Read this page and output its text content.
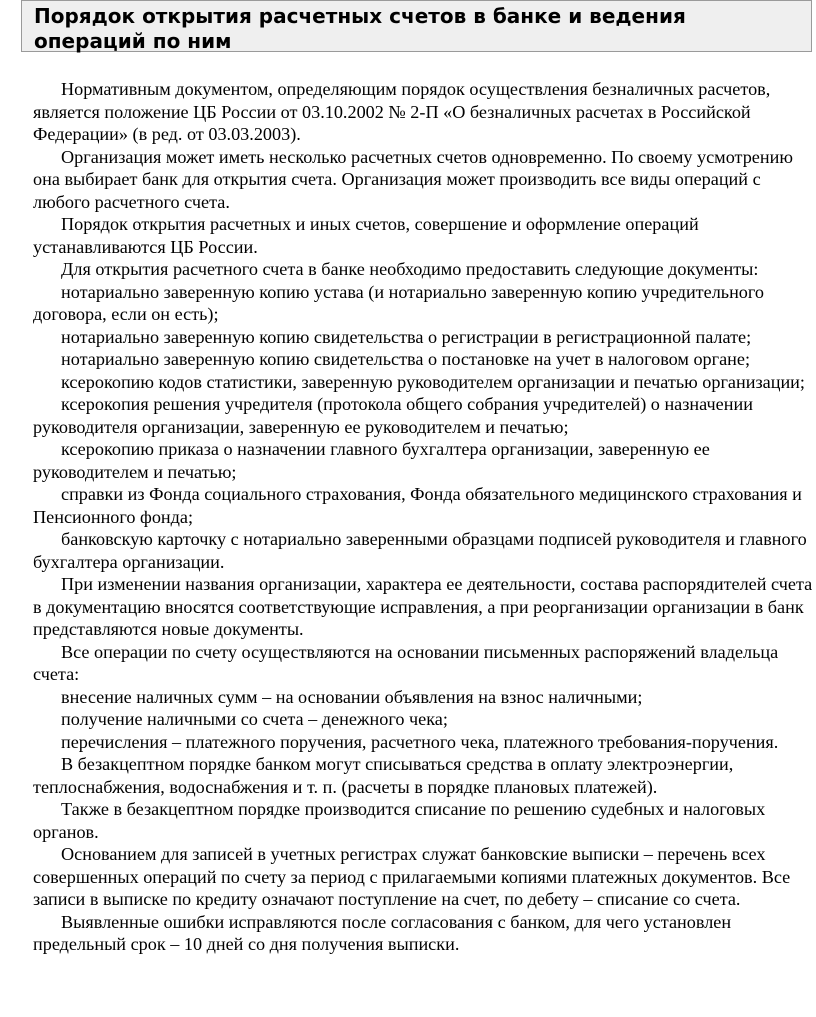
Порядок открытия расчетных счетов в банке и ведения операций по ним

Нормативным документом, определяющим порядок осуществления безналичных расчетов, является положение ЦБ России от 03.10.2002 № 2-П «О безналичных расчетах в Российской Федерации» (в ред. от 03.03.2003).

Организация может иметь несколько расчетных счетов одновременно. По своему усмотрению она выбирает банк для открытия счета. Организация может производить все виды операций с любого расчетного счета.

Порядок открытия расчетных и иных счетов, совершение и оформление операций устанавливаются ЦБ России.

Для открытия расчетного счета в банке необходимо предоставить следующие документы:

нотариально заверенную копию устава (и нотариально заверенную копию учредительного договора, если он есть);

нотариально заверенную копию свидетельства о регистрации в регистрационной палате;

нотариально заверенную копию свидетельства о постановке на учет в налоговом органе;

ксерокопию кодов статистики, заверенную руководителем организации и печатью организации;

ксерокопия решения учредителя (протокола общего собрания учредителей) о назначении руководителя организации, заверенную ее руководителем и печатью;

ксерокопию приказа о назначении главного бухгалтера организации, заверенную ее руководителем и печатью;

справки из Фонда социального страхования, Фонда обязательного медицинского страхования и Пенсионного фонда;

банковскую карточку с нотариально заверенными образцами подписей руководителя и главного бухгалтера организации.

При изменении названия организации, характера ее деятельности, состава распорядителей счета в документацию вносятся соответствующие исправления, а при реорганизации организации в банк представляются новые документы.

Все операции по счету осуществляются на основании письменных распоряжений владельца счета:

внесение наличных сумм – на основании объявления на взнос наличными;

получение наличными со счета – денежного чека;

перечисления – платежного поручения, расчетного чека, платежного требования-поручения.

В безакцептном порядке банком могут списываться средства в оплату электроэнергии, теплоснабжения, водоснабжения и т. п. (расчеты в порядке плановых платежей).

Также в безакцептном порядке производится списание по решению судебных и налоговых органов.

Основанием для записей в учетных регистрах служат банковские выписки – перечень всех совершенных операций по счету за период с прилагаемыми копиями платежных документов. Все записи в выписке по кредиту означают поступление на счет, по дебету – списание со счета.

Выявленные ошибки исправляются после согласования с банком, для чего установлен предельный срок – 10 дней со дня получения выписки.
